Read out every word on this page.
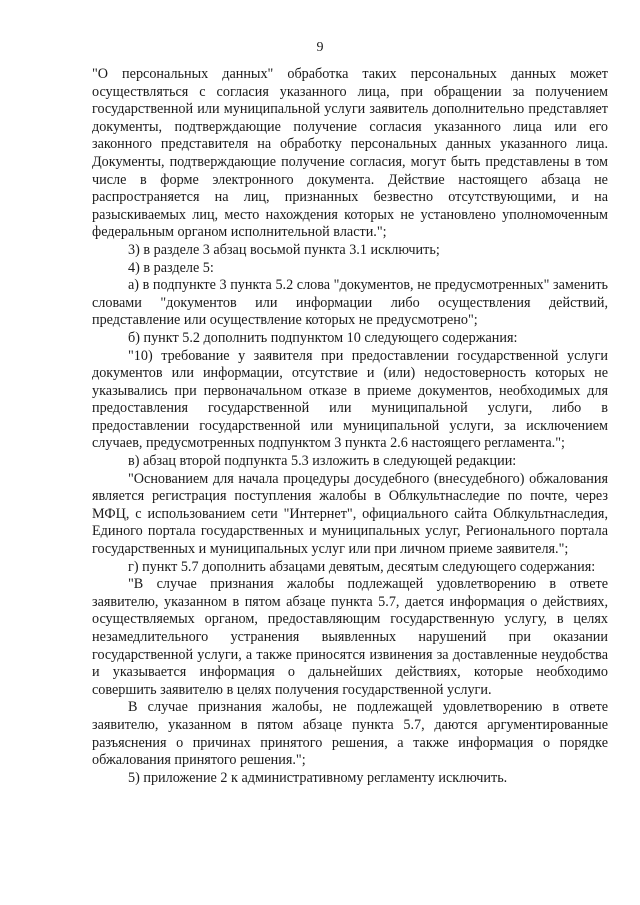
9

"О персональных данных" обработка таких персональных данных может осуществляться с согласия указанного лица, при обращении за получением государственной или муниципальной услуги заявитель дополнительно представляет документы, подтверждающие получение согласия указанного лица или его законного представителя на обработку персональных данных указанного лица. Документы, подтверждающие получение согласия, могут быть представлены в том числе в форме электронного документа. Действие настоящего абзаца не распространяется на лиц, признанных безвестно отсутствующими, и на разыскиваемых лиц, место нахождения которых не установлено уполномоченным федеральным органом исполнительной власти.";

3) в разделе 3 абзац восьмой пункта 3.1 исключить;

4) в разделе 5:

а) в подпункте 3 пункта 5.2 слова "документов, не предусмотренных" заменить словами "документов или информации либо осуществления действий, представление или осуществление которых не предусмотрено";

б) пункт 5.2 дополнить подпунктом 10 следующего содержания:

"10) требование у заявителя при предоставлении государственной услуги документов или информации, отсутствие и (или) недостоверность которых не указывались при первоначальном отказе в приеме документов, необходимых для предоставления государственной или муниципальной услуги, либо в предоставлении государственной или муниципальной услуги, за исключением случаев, предусмотренных подпунктом 3 пункта 2.6 настоящего регламента.";

в) абзац второй подпункта 5.3 изложить в следующей редакции:

"Основанием для начала процедуры досудебного (внесудебного) обжалования является регистрация поступления жалобы в Облкультнаследие по почте, через МФЦ, с использованием сети "Интернет", официального сайта Облкультнаследия, Единого портала государственных и муниципальных услуг, Регионального портала государственных и муниципальных услуг или при личном приеме заявителя.";

г) пункт 5.7 дополнить абзацами девятым, десятым следующего содержания:

"В случае признания жалобы подлежащей удовлетворению в ответе заявителю, указанном в пятом абзаце пункта 5.7, дается информация о действиях, осуществляемых органом, предоставляющим государственную услугу, в целях незамедлительного устранения выявленных нарушений при оказании государственной услуги, а также приносятся извинения за доставленные неудобства и указывается информация о дальнейших действиях, которые необходимо совершить заявителю в целях получения государственной услуги.

В случае признания жалобы, не подлежащей удовлетворению в ответе заявителю, указанном в пятом абзаце пункта 5.7, даются аргументированные разъяснения о причинах принятого решения, а также информация о порядке обжалования принятого решения.";

5) приложение 2 к административному регламенту исключить.
